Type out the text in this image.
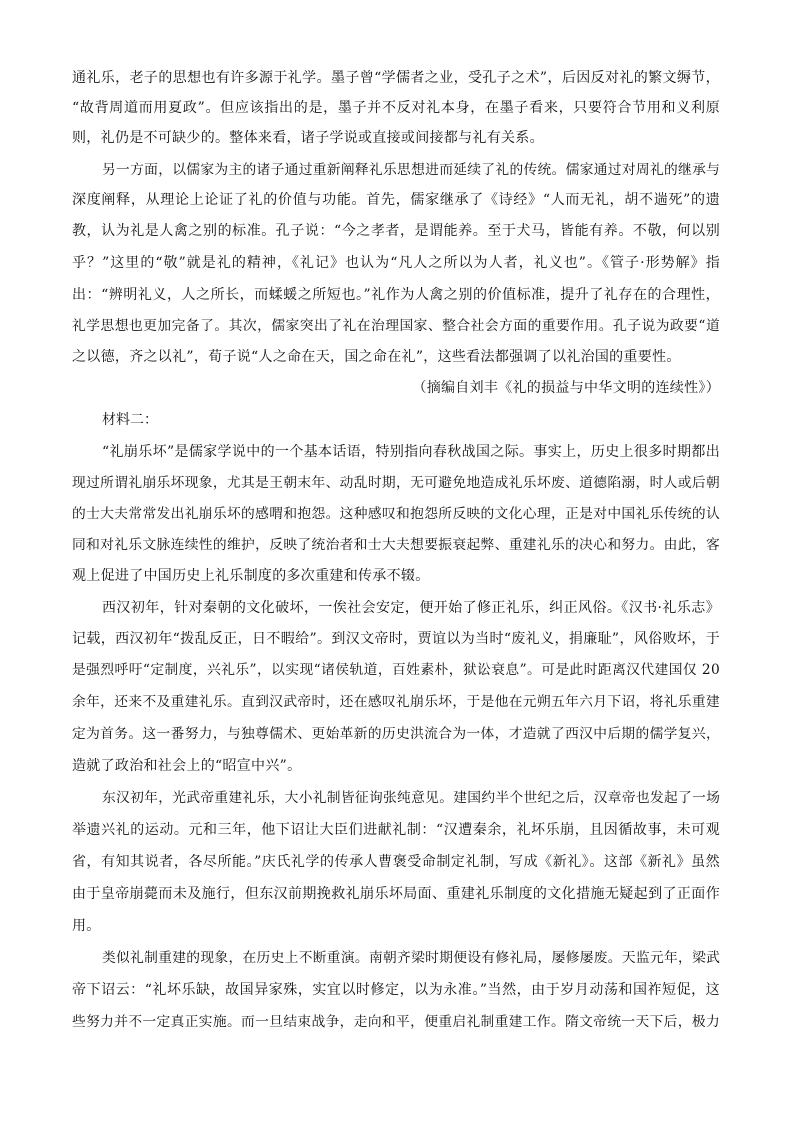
通礼乐，老子的思想也有许多源于礼学。墨子曾“学儒者之业，受孔子之术”，后因反对礼的繁文缛节，
“故背周道而用夏政”。但应该指出的是，墨子并不反对礼本身，在墨子看来，只要符合节用和义利原
则，礼仍是不可缺少的。整体来看，诸子学说或直接或间接都与礼有关系。
另一方面，以儒家为主的诸子通过重新阐释礼乐思想进而延续了礼的传统。儒家通过对周礼的继承与
深度阐释，从理论上论证了礼的价值与功能。首先，儒家继承了《诗经》“人而无礼，胡不遄死”的遗
教，认为礼是人禽之别的标准。孔子说：“今之孝者，是谓能养。至于犬马，皆能有养。不敬，何以别
乎？”这里的“敬”就是礼的精神，《礼记》也认为“凡人之所以为人者，礼义也”。《管子·形势解》指
出：“辨明礼义，人之所长，而蝚蝯之所短也。”礼作为人禽之别的价值标准，提升了礼存在的合理性，
礼学思想也更加完备了。其次，儒家突出了礼在治理国家、整合社会方面的重要作用。孔子说为政要“道
之以德，齐之以礼”，荀子说“人之命在天，国之命在礼”，这些看法都强调了以礼治国的重要性。
（摘编自刘丰《礼的损益与中华文明的连续性》）
材料二：
“礼崩乐坏”是儒家学说中的一个基本话语，特别指向春秋战国之际。事实上，历史上很多时期都出
现过所谓礼崩乐坏现象，尤其是王朝末年、动乱时期，无可避免地造成礼乐坏废、道德陷溺，时人或后朝
的士大夫常常发出礼崩乐坏的感喟和抱怨。这种感叹和抱怨所反映的文化心理，正是对中国礼乐传统的认
同和对礼乐文脉连续性的维护，反映了统治者和士大夫想要振衰起弊、重建礼乐的决心和努力。由此，客
观上促进了中国历史上礼乐制度的多次重建和传承不辍。
西汉初年，针对秦朝的文化破坏，一俟社会安定，便开始了修正礼乐，纠正风俗。《汉书·礼乐志》
记载，西汉初年“拨乱反正，日不暇给”。到汉文帝时，贾谊以为当时“废礼义，捐廉耻”，风俗败坏，于
是强烈呼吁“定制度，兴礼乐”，以实现“诸侯轨道，百姓素朴，狱讼衰息”。可是此时距离汉代建国仅 20
余年，还来不及重建礼乐。直到汉武帝时，还在感叹礼崩乐坏，于是他在元朔五年六月下诏，将礼乐重建
定为首务。这一番努力，与独尊儒术、更始革新的历史洪流合为一体，才造就了西汉中后期的儒学复兴，
造就了政治和社会上的“昭宣中兴”。
东汉初年，光武帝重建礼乐，大小礼制皆征询张纯意见。建国约半个世纪之后，汉章帝也发起了一场
举遗兴礼的运动。元和三年，他下诏让大臣们进献礼制：“汉遭秦余，礼坏乐崩，且因循故事，未可观
省，有知其说者，各尽所能。”庆氏礼学的传承人曹褒受命制定礼制，写成《新礼》。这部《新礼》虽然
由于皇帝崩薨而未及施行，但东汉前期挽救礼崩乐坏局面、重建礼乐制度的文化措施无疑起到了正面作
用。
类似礼制重建的现象，在历史上不断重演。南朝齐梁时期便设有修礼局，屡修屡废。天监元年，梁武
帝下诏云：“礼坏乐缺，故国异家殊，实宜以时修定，以为永准。”当然，由于岁月动荡和国祚短促，这
些努力并不一定真正实施。而一旦结束战争，走向和平，便重启礼制重建工作。隋文帝统一天下后，极力
